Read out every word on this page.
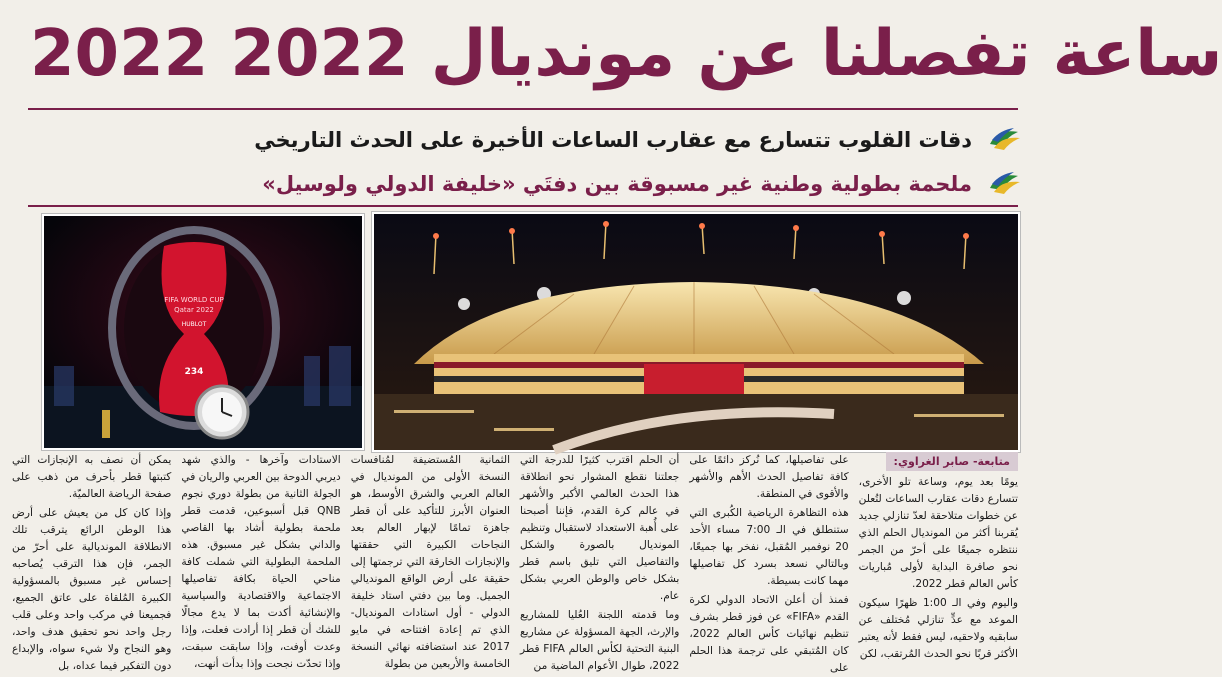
2022 ساعة تفصلنا عن مونديال 2022
دقات القلوب تتسارع مع عقارب الساعات الأخيرة على الحدث التاريخي
ملحمة بطولية وطنية غير مسبوقة بين دفتَي «خليفة الدولي ولوسيل»
FIFA WORLD CUP
Qatar 2022
HUBLOT
234
متابعة- صابر الغراوي:

يومًا بعد يوم، وساعة تلو الأخرى، تتسارع دقات عقارب الساعات لتُعلن عن خطوات متلاحقة لعدّ تنازلي جديد يُقربنا أكثر من المونديال الحلم الذي ننتظره جميعًا على أحرّ من الجمر نحو صافرة البداية لأولى مُباريات كأس العالم قطر 2022.

واليوم وفي الـ 1:00 ظهرًا سيكون الموعد مع عدٍّ تنازلي مُختلف عن سابقيه ولاحقيه، ليس فقط لأنه يعتبر الأكثر قربًا نحو الحدث المُرتقب، لكن

على تفاصيلها، كما نُركز دائمًا على كافة تفاصيل الحدث الأهم والأشهر والأقوى في المنطقة.

هذه التظاهرة الرياضية الكُبرى التي ستنطلق في الـ 7:00 مساء الأحد 20 نوفمبر المُقبل، نفخر بها جميعًا، وبالتالي نسعد بسرد كل تفاصيلها مهما كانت بسيطة.

فمنذ أن أعلن الاتحاد الدولي لكرة القدم «FIFA» عن فوز قطر بشرف تنظيم نهائيات كأس العالم 2022، كان المُتبقي على ترجمة هذا الحلم على

أن الحلم اقترب كثيرًا للدرجة التي جعلتنا نقطع المشوار نحو انطلاقة هذا الحدث العالمي الأكبر والأشهر في عالم كرة القدم، فإننا أصبحنا على أُهبة الاستعداد لاستقبال وتنظيم المونديال بالصورة والشكل والتفاصيل التي تليق باسم قطر بشكل خاص والوطن العربي بشكل عام.

وما قدمته اللجنة العُليا للمشاريع والإرث، الجهة المسؤولة عن مشاريع البنية التحتية لكأس العالم FIFA قطر 2022، طوال الأعوام الماضية من

الثمانية المُستضيفة لمُنافسات النسخة الأولى من المونديال في العالم العربي والشرق الأوسط، هو العنوان الأبرز للتأكيد على أن قطر جاهزة تمامًا لإبهار العالم بعد النجاحات الكبيرة التي حققتها والإنجازات الخارقة التي ترجمتها إلى حقيقة على أرض الواقع المونديالي الجميل. وما بين دفتي استاد خليفة الدولي - أول استادات المونديال- الذي تم إعادة افتتاحه في مايو 2017 عند استضافته نهائي النسخة الخامسة والأربعين من بطولة

الاستادات وآخرها - والذي شهد ديربي الدوحة بين العربي والريان في الجولة الثانية من بطولة دوري نجوم QNB قبل أسبوعين، قدمت قطر ملحمة بطولية أشاد بها القاصي والداني بشكل غير مسبوق. هذه الملحمة البطولية التي شملت كافة مناحي الحياة بكافة تفاصيلها الاجتماعية والاقتصادية والسياسية والإنشائية أكدت بما لا يدع مجالًا للشك أن قطر إذا أرادت فعلت، وإذا وعدت أوفت، وإذا سابقت سبقت، وإذا تحدّت نجحت وإذا بدأت أنهت،

يمكن أن نصف به الإنجازات التي كتبتها قطر بأحرف من ذهب على صفحة الرياضة العالميّة.

وإذا كان كل من يعيش على أرض هذا الوطن الرائع يترقب تلك الانطلاقة المونديالية على أحرّ من الجمر، فإن هذا الترقب يُصاحبه إحساس غير مسبوق بالمسؤولية الكبيرة المُلقاة على عاتق الجميع، فجميعنا في مركب واحد وعلى قلب رجل واحد نحو تحقيق هدف واحد، وهو النجاح ولا شيء سواه، والإبداع دون التفكير فيما عداه، بل
